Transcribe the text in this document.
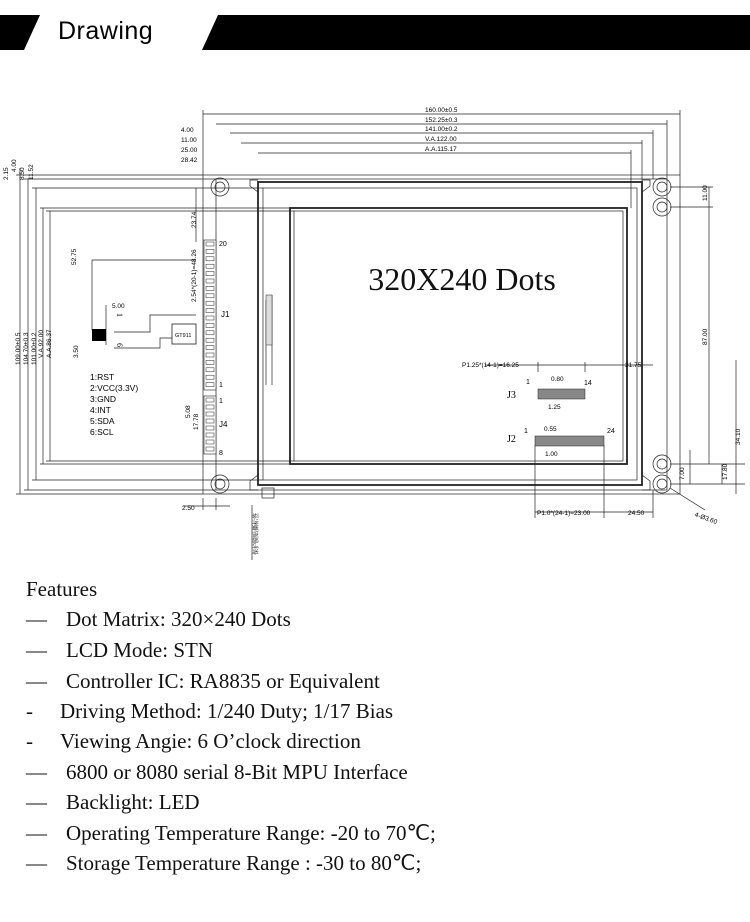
Drawing
320X240 Dots
160.00±0.5
152.25±0.3
141.00±0.2
V.A.122.00
A.A.115.17
4.00
11.00
25.00
28.42
2.15
4.00
8.50 11.52
109.00±0.5 104.70±0.3 101.00±0.2 V.A.92.00 A.A.86.37
52.75
23.74
2.54*(20-1)=48.26
5.08
17.78
3.50
11.00
87.00
34.10
17.80
7.00
保护膜贴撕标签
5.00
2.50
4-Ø3.60
P1.25*(14-1)=16.25	31.75
0.80
1.25
0.55
1.00
P1.0*(24-1)=23.00	24.50
J3
J2
1	14
1	24
J1
J4
20
1
1
8
GT911
1
6
1:RST
2:VCC(3.3V)
3:GND
4:INT
5:SDA
6:SCL
Features
— Dot Matrix: 320×240 Dots
— LCD Mode: STN
— Controller IC: RA8835 or Equivalent
- Driving Method: 1/240 Duty; 1/17 Bias
- Viewing Angie: 6 O’clock direction
— 6800 or 8080 serial 8-Bit MPU Interface
— Backlight: LED
— Operating Temperature Range: -20 to 70℃;
— Storage Temperature Range : -30 to 80℃;
